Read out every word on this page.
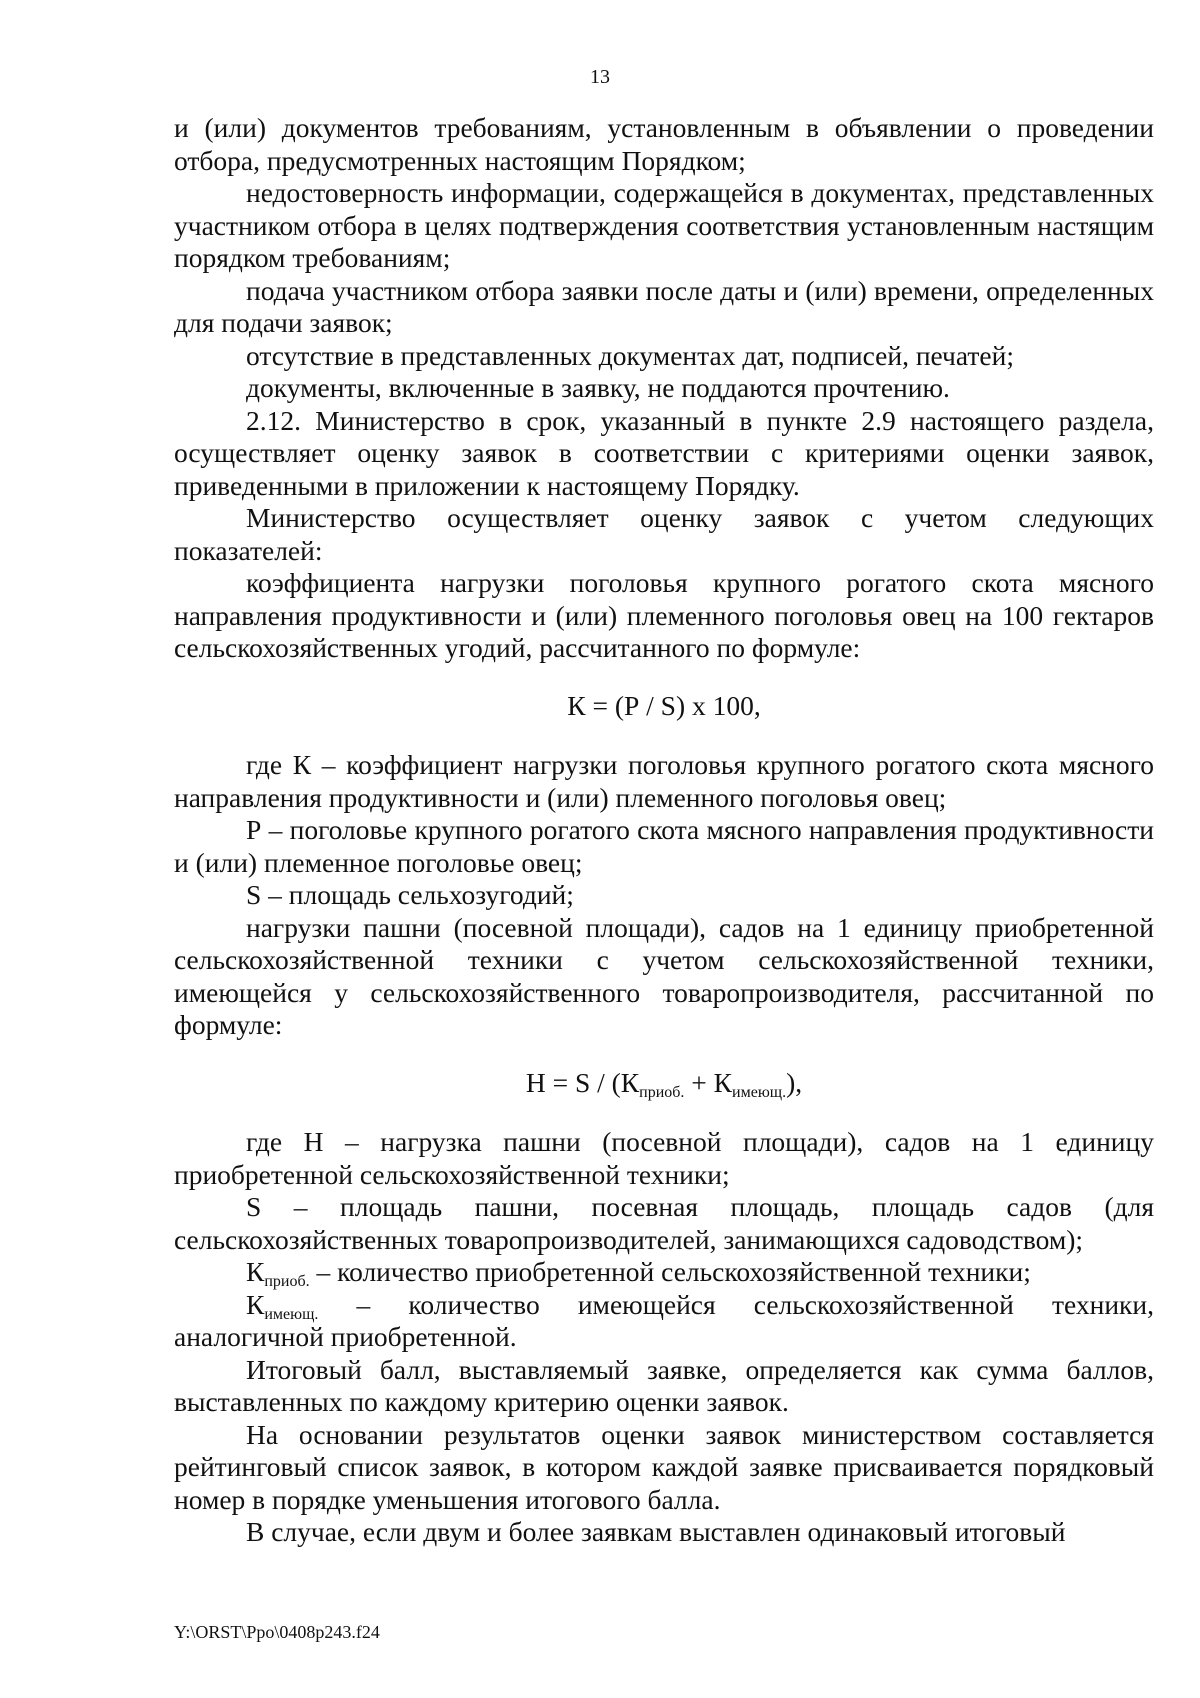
13

и (или) документов требованиям, установленным в объявлении о проведении отбора, предусмотренных настоящим Порядком;

недостоверность информации, содержащейся в документах, представленных участником отбора в целях подтверждения соответствия установленным настящим порядком требованиям;

подача участником отбора заявки после даты и (или) времени, определенных для подачи заявок;

отсутствие в представленных документах дат, подписей, печатей;

документы, включенные в заявку, не поддаются прочтению.

2.12. Министерство в срок, указанный в пункте 2.9 настоящего раздела, осуществляет оценку заявок в соответствии с критериями оценки заявок, приведенными в приложении к настоящему Порядку.

Министерство осуществляет оценку заявок с учетом следующих показателей:

коэффициента нагрузки поголовья крупного рогатого скота мясного направления продуктивности и (или) племенного поголовья овец на 100 гектаров сельскохозяйственных угодий, рассчитанного по формуле:

К = (Р / S) х 100,

где К – коэффициент нагрузки поголовья крупного рогатого скота мясного направления продуктивности и (или) племенного поголовья овец;

Р – поголовье крупного рогатого скота мясного направления продуктивности и (или) племенное поголовье овец;

S – площадь сельхозугодий;

нагрузки пашни (посевной площади), садов на 1 единицу приобретенной сельскохозяйственной техники с учетом сельскохозяйственной техники, имеющейся у сельскохозяйственного товаропроизводителя, рассчитанной по формуле:

$Н = S / (К_{приоб.} + К_{имеющ.})$,

где Н – нагрузка пашни (посевной площади), садов на 1 единицу приобретенной сельскохозяйственной техники;

S – площадь пашни, посевная площадь, площадь садов (для сельскохозяйственных товаропроизводителей, занимающихся садоводством);

Кприоб. – количество приобретенной сельскохозяйственной техники;

Кимеющ. – количество имеющейся сельскохозяйственной техники, аналогичной приобретенной.

Итоговый балл, выставляемый заявке, определяется как сумма баллов, выставленных по каждому критерию оценки заявок.

На основании результатов оценки заявок министерством составляется рейтинговый список заявок, в котором каждой заявке присваивается порядковый номер в порядке уменьшения итогового балла.

В случае, если двум и более заявкам выставлен одинаковый итоговый

Y:\ORST\Ppo\0408p243.f24
